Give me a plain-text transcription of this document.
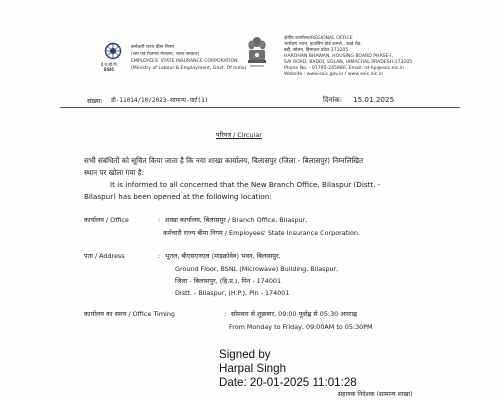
ई.रा.बी.नि.
ESIC
कर्मचारी राज्य बीमा निगम
(श्रम एवं रोजगार मंत्रालय, भारत सरकार)
EMPLOYEES' STATE INSURANCE CORPORATION
(Ministry of Labour & Employment, Govt. Of India)
क्षेत्रीय कार्यालय/REGIONAL OFFICE
भारोहण भवन, हाउसिंग बोर्ड कम्प्ले., कार्ड रोड,
बद्दी, सोलन, हिमाचल प्रदेश-173205
HAROHAN BHAWAN, HOUSING BOARD PHASE-I,
SAI ROAD, BADDI, SOLAN, HIMACHAL PRADESH-173205
Phone No. - 01795-245980, Email: rd-hp@esic.nic.in
Website : www.esic.gov.in / www.esic.nic.in
संख्या: डी-11014/10/2023-सामान्य-पार्ट(1)	दिनांक: 15.01.2025
परिपत्र / Circular
सभी संबंधितों को सूचित किया जाता है कि नया शाखा कार्यालय, बिलासपुर (जिला - बिलासपुर) निम्नलिखित
स्थान पर खोला गया है:
It is informed to all concerned that the New Branch Office, Bilaspur (Distt. -
Bilaspur) has been opened at the following location:
कार्यालय / Office	: शाखा कार्यालय, बिलासपुर / Branch Office, Bilaspur,
कर्मचारी राज्य बीमा निगम / Employees' State Insurance Corporation.
पता / Address	: भूतल, बीएसएनएल (माइक्रोवेव) भवन, बिलासपुर,
Ground Floor, BSNL (Microwave) Building, Bilaspur,
जिला - बिलासपुर, (हि.प्र.), पिन - 174001
Distt. - Bilaspur, (H.P.), Pin - 174001
कार्यालय का समय / Office Timing	: सोमवार से शुक्रवार, 09:00 पूर्वाह्न से 05:30 अपराह्न
From Monday to Friday, 09:00AM to 05:30PM
Signed by
Harpal Singh
Date: 20-01-2025 11:01:28
सहायक निदेशक (सामान्य शाखा)
